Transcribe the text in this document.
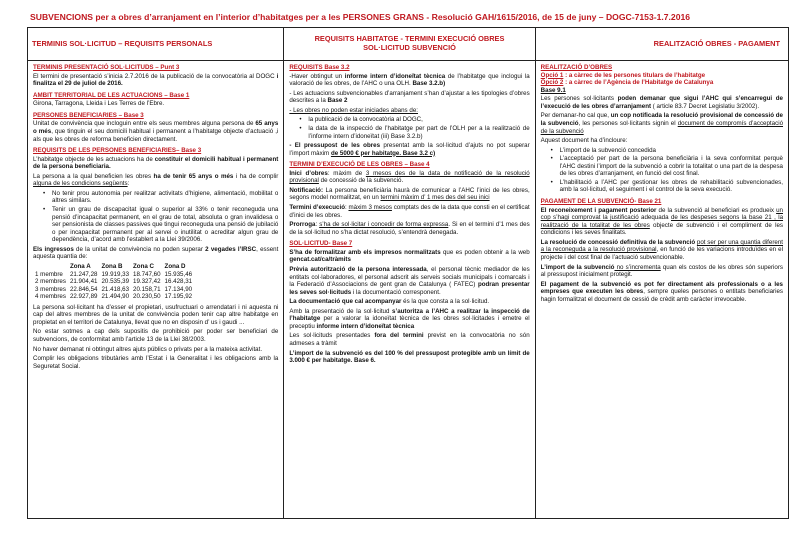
SUBVENCIONS per a obres d’arranjament en l’interior d’habitatges per a les PERSONES GRANS - Resolució GAH/1615/2016, de 15 de juny – DOGC-7153-1.7.2016
TERMINIS SOL·LICITUD – REQUISITS PERSONALS
TERMINIS PRESENTACIÓ SOL·LICITUDS – Punt 3

El termini de presentació s’inicia 2.7.2016 de la publicació de la convocatòria al DOGC i finalitza el 29 de juliol de 2016.

AMBIT TERRITORIAL DE LES ACTUACIONS – Base 1

Girona, Tarragona, Lleida i Les Terres de l’Ebre.

PERSONES BENEFICIARIES – Base 3

Unitat de convivència que incloguin entre els seus membres alguna persona de 65 anys o més, que tinguin el seu domicili habitual i permanent a l’habitatge objecte d’actuació ,i als que les obres de reforma beneficien directament.

REQUISITS DE LES PERSONES BENEFICIARIES– Base 3

L’habitatge objecte de les actuacions ha de constituir el domicili habitual i permanent de la persona beneficiaria.

La persona a la qual beneficien les obres ha de tenir 65 anys o més i ha de complir alguna de les condicions següents:

• No tenir prou autonomia per realitzar activitats d’higiene, alimentació, mobilitat o altres similars.
• Tenir un grau de discapacitat igual o superior al 33% o tenir reconeguda una pensió d’incapacitat permanent, en el grau de total, absoluta o gran invalidesa o ser pensionista de classes passives que tingui reconeguda una pensió de jubilació o per incapacitat permanent per al servei o inutilitat o acreditar algun grau de dependència, d’acord amb l’establert a la Llei 39/2006.

Els ingressos de la unitat de convivència no poden superar 2 vegades l’IRSC, essent aquesta quantia de:

	Zona A	Zona B	Zona C	Zona D
1 membre	21.247,28	19.919,33	18.747,60	15.935,46
2 membres	21.904,41	20.535,39	19.327,42	16.428,31
3 membres	22.846,54	21.418,63	20.158,71	17.134,90
4 membres	22.927,89	21.494,90	20.230,50	17.195,92

La persona sol·licitant ha d’esser el propietari, usufructuari o arrendatari i ni aquesta ni cap del altres membres de la unitat de convivència poden tenir cap altre habitatge en propietat en el territori de Catalunya, llevat que no en disposin d’ us i gaudi ...

No estar sotmes a cap dels supositis de prohibició per poder ser beneficiari de subvencions, de conformitat amb l’article 13 de la Llei 38/2003.

No haver demanat ni obtingut altres ajuts públics o privats per a la mateixa activitat.

Complir les obligacions tributàries amb l’Estat i la Generalitat i les obligacions amb la Seguretat Social.

REQUISITS HABITATGE - TERMINI EXECUCIÓ OBRES
SOL·LICITUD SUBVENCIÓ
REQUISITS Base 3.2

-Haver obtingut un informe intern d’idoneïtat tècnica de l’habitatge que inclogui la valoració de les obres, de l’AHC o una OLH. Base 3.2.b)

- Les actuacions subvencionables d’arranjament s’han d’ajustar a les tipologies d’obres descrites a la Base 2

- Les obres no poden estar iniciades abans de:

• la publicació de la convocatòria al DOGC,
• la data de la inspecció de l’habitatge per part de l’OLH per a la realització de l’informe intern d’idoneïtat (iii) Base 3.2.b)

- El pressupost de les obres presentat amb la sol·licitud d’ajuts no pot superar l’import màxim de 5000 € per habitatge. Base 3.2 c)

TERMINI D’EXECUCIÓ DE LES OBRES – Base 4

Inici d’obres: màxim de 3 mesos des de la data de notificació de la resolució provisional de concessió de la subvenció.

Notificació: La persona beneficiària haurà de comunicar a l’AHC l’inici de les obres, segons model normalitzat, en un termini màxim d’ 1 mes des del seu inici

Termini d’execució: màxim 3 mesos comptats des de la data que consti en el certificat d’inici de les obres.

Prorroga: s’ha de sol·licitar i concedir de forma expressa. Si en el termini d’1 mes des de la sol·licitud no s’ha dictat resolució, s’entendrà denegada.

SOL·LICITUD- Base 7

S’ha de formalitzar amb els impresos normalitzats que es poden obtenir a la web gencat.cat/ca/tràmits

Prèvia autorització de la persona interessada, el personal tècnic mediador de les entitats col·laboradores, el personal adscrit als serveis socials municipals i comarcals i la Federació d’Associacions de gent gran de Catalunya ( FATEC) podran presentar les seves sol·licituds i la documentació corresponent.

La documentació que cal acompanyar és la que consta a la sol·licitud.

Amb la presentació de la sol·licitud s’autoritza a l’AHC a realitzar la inspecció de l’habitatge per a valorar la idoneïtat tècnica de les obres sol·licitades i emetre el preceptiu informe intern d’idoneïtat tècnica

Les sol·licituds presentades fora del termini previst en la convocatòria no són admeses a tràmit

L’import de la subvenció es del 100 % del pressupost protegible amb un límit de 3.000 € per habitatge. Base 6.

REALITZACIÓ OBRES - PAGAMENT
REALITZACIÓ D’OBRES
Opció 1 : a càrrec de les persones titulars de l’habitatge
Opció 2 : a càrrec de l’Agència de l’Habitatge de Catalunya
Base 9.1

Les persones sol·licitants poden demanar que sigui l’AHC qui s’encarregui de l’execució de les obres d’arranjament ( article 83.7 Decret Legislatiu 3/2002).

Per demanar-ho cal que, un cop notificada la resolució provisional de concessió de la subvenció, les persones sol·licitants signin el document de compromís d’acceptació de la subvenció

Aquest document ha d’incloure:

• L’import de la subvenció concedida
• L’acceptació per part de la persona beneficiària i la seva conformitat perquè l’AHC destini l’import de la subvenció a cobrir la totalitat o una part de la despesa de les obres d’arranjament, en funció del cost final.
• L’habilitació a l’AHC per gestionar les obres de rehabilitació subvencionades, amb la sol·licitud, el seguiment i el control de la seva execució.
PAGAMENT DE LA SUBVENCIÓ- Base 21

El reconeixement i pagament posterior de la subvenció al beneficiari es produeix un cop s’hagi comprovat la justificació adequada de les despeses segons la base 21 , la realització de la totalitat de les obres objecte de subvenció i el compliment de les condicions i les seves finalitats.

La resolució de concessió definitiva de la subvenció pot ser per una quantia diferent a la reconeguda a la resolució provisional, en funció de les variacions introduïdes en el projecte i del cost final de l’actuació subvencionable.

L’import de la subvenció no s’incrementa quan els costos de les obres són superiors al pressupost inicialment protegit.

El pagament de la subvenció es pot fer directament als professionals o a les empreses que executen les obres, sempre queles persones o entitats beneficiaries hagin formalitzat el document de cessió de crèdit amb caràcter irrevocable.
